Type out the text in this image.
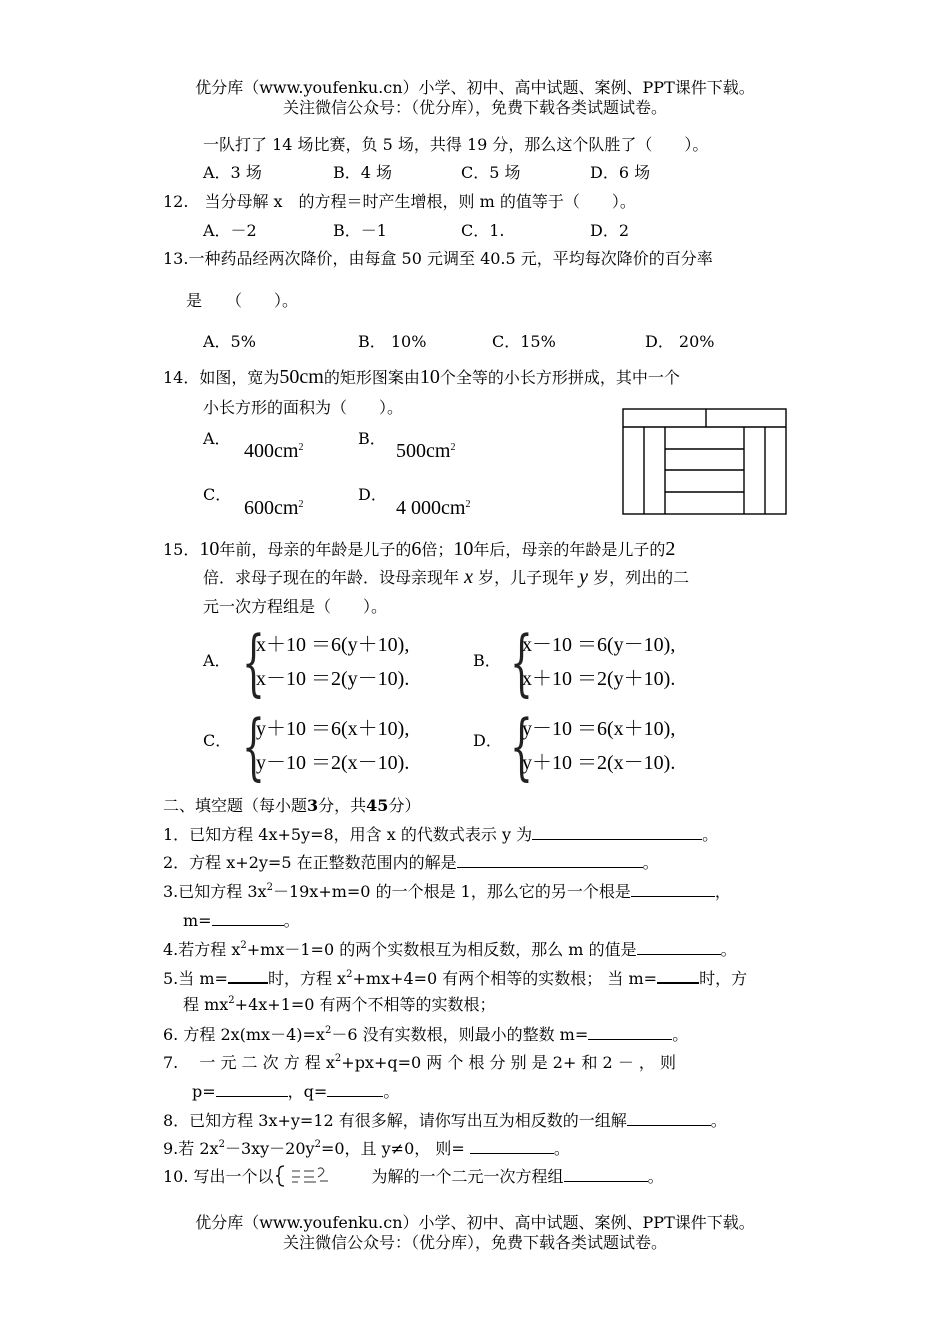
优分库（www.youfenku.cn）小学、初中、高中试题、案例、PPT课件下载。
关注微信公众号：（优分库），免费下载各类试题试卷。
一队打了 14 场比赛，负 5 场，共得 19 分，那么这个队胜了（　　）。
A．3 场	B．4 场	C．5 场	D．6 场
12.　当分母解 x　的方程＝时产生增根，则 m 的值等于（　　）。
A．－2	B．－1	C．1.	D．2
13.一种药品经两次降价，由每盒 50 元调至 40.5 元，平均每次降价的百分率
是　　（　　）。
A．5%	B． 10%	C．15%	D． 20%
14．如图，宽为50cm的矩形图案由10个全等的小长方形拼成，其中一个
小长方形的面积为（　　）。
A．
$400cm^2$	B．
$500cm^2$
C．
$600cm^2$
D．
4 $000cm^2$
15．10年前，母亲的年龄是儿子的6倍；10年后，母亲的年龄是儿子的2
倍．求母子现在的年龄．设母亲现年 x 岁，儿子现年 y 岁，列出的二
元一次方程组是（　　）。
A． {
x＋10 ＝6(y＋10),
x－10 ＝2(y－10).
B． {
x－10 ＝6(y－10),
x＋10 ＝2(y＋10).
C． {
y＋10 ＝6(x＋10),
y－10 ＝2(x－10).
D． {
y－10 ＝6(x＋10),
y＋10 ＝2(x－10).
二、填空题（每小题3分，共45分）
1．已知方程 4x+5y=8，用含 x 的代数式表示 y 为	。
2．方程 x+2y=5 在正整数范围内的解是	。
3.已知方程 $3x^2-19x+m=0$ 的一个根是 1，那么它的另一个根是	，
m=	。
4.若方程 $x^2+mx-1=0$ 的两个实数根互为相反数，那么 m 的值是	。
5.当 m=	时，方程 $x^2+mx+4=0$ 有两个相等的实数根； 当 m=	时，方
程 $mx^2+4x+1=0$ 有两个不相等的实数根；
6. 方程 $2x(mx-4)=x^2-6$ 没有实数根，则最小的整数 m=	。
7.　 一 元 二 次 方 程 $x^2+px+q=0$ 两 个 根 分 别 是 2+ 和 2 － ， 则
p=	，q=	。
8．已知方程 3x+y=12 有很多解，请你写出互为相反数的一组解	。
9.若 $2x^2-3xy-20y^2=0$，且 y≠0， 则=	。
10. 写出一个以	为解的一个二元一次方程组	。
优分库（www.youfenku.cn）小学、初中、高中试题、案例、PPT课件下载。
关注微信公众号：（优分库），免费下载各类试题试卷。
